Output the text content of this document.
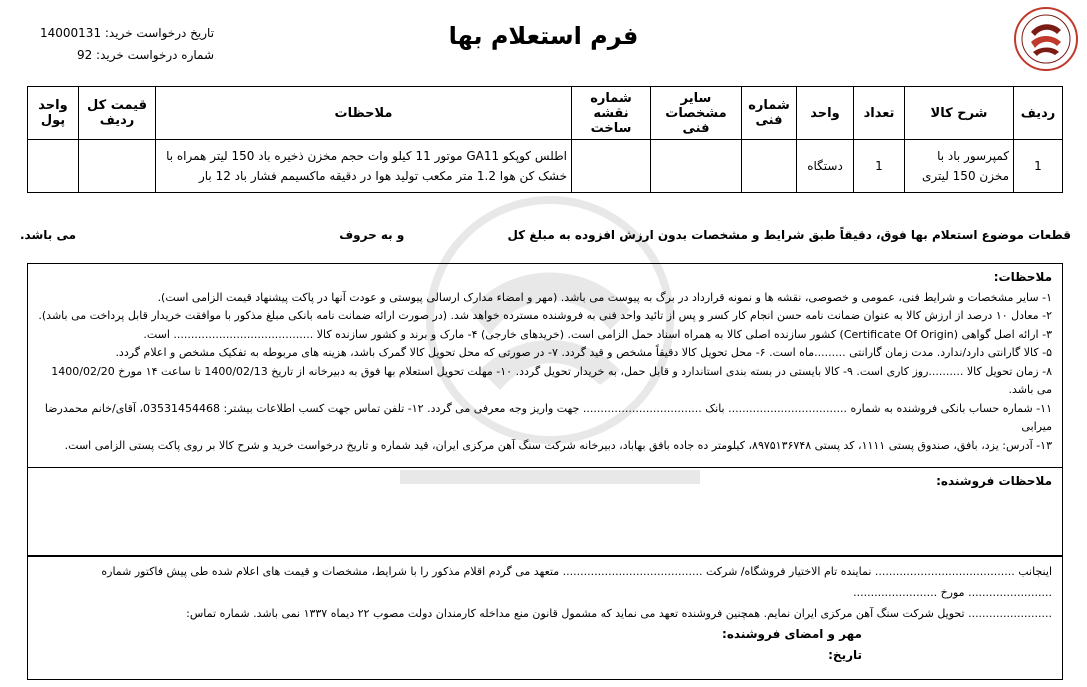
فرم استعلام بها
تاریخ درخواست خرید: 14000131
شماره درخواست خرید: 92
ردیف	شرح کالا	تعداد	واحد	شماره فنی	سایر مشخصات فنی	شماره نقشه ساخت	ملاحظات	قیمت کل ردیف	واحد پول
1	کمپرسور باد با مخزن 150 لیتری	1	دستگاه				اطلس کوپکو GA11 موتور 11 کیلو وات حجم مخزن ذخیره باد 150 لیتر همراه با خشک کن هوا 1.2 متر مکعب تولید هوا در دقیقه ماکسیمم فشار باد 12 بار		
قطعات موضوع استعلام بها فوق، دقیقاً طبق شرایط و مشخصات بدون ارزش افزوده به مبلغ کل
و به حروف
می باشد.
ملاحظات:
۱- سایر مشخصات و شرایط فنی، عمومی و خصوصی، نقشه ها و نمونه قرارداد در برگ به پیوست می باشد. (مهر و امضاء مدارک ارسالی پیوستی و عودت آنها در پاکت پیشنهاد قیمت الزامی است).
۲- معادل ۱۰ درصد از ارزش کالا به عنوان ضمانت نامه حسن انجام کار کسر و پس از تائید واحد فنی به فروشنده مسترده خواهد شد. (در صورت ارائه ضمانت نامه بانکی مبلغ مذکور با موافقت خریدار قابل پرداخت می باشد).
۳- ارائه اصل گواهی (Certificate Of Origin) کشور سازنده اصلی کالا به همراه اسناد حمل الزامی است. (خریدهای خارجی) ۴- مارک و برند و کشور سازنده کالا ........................................ است.
۵- کالا گارانتی دارد/ندارد. مدت زمان گارانتی .........ماه است. ۶- محل تحویل کالا دقیقاً مشخص و قید گردد. ۷- در صورتی که محل تحویل کالا گمرک باشد، هزینه های مربوطه به تفکیک مشخص و اعلام گردد.
۸- زمان تحویل کالا ..........روز کاری است. ۹- کالا بایستی در بسته بندی استاندارد و قابل حمل، به خریدار تحویل گردد. ۱۰- مهلت تحویل استعلام بها فوق به دبیرخانه از تاریخ 1400/02/13 تا ساعت ۱۴ مورخ 1400/02/20 می باشد.
۱۱- شماره حساب بانکی فروشنده به شماره .................................. بانک .................................. جهت واریز وجه معرفی می گردد. ۱۲- تلفن تماس جهت کسب اطلاعات بیشتر: 03531454468، آقای/خانم محمدرضا میرابی
۱۳- آدرس: یزد، بافق، صندوق پستی ۱۱۱۱، کد پستی ۸۹۷۵۱۳۶۷۴۸، کیلومتر ده جاده بافق بهاباد، دبیرخانه شرکت سنگ آهن مرکزی ایران، قید شماره و تاریخ درخواست خرید و شرح کالا بر روی پاکت پستی الزامی است.
ملاحظات فروشنده:
اینجانب ........................................ نماینده تام الاختیار فروشگاه/ شرکت ........................................ متعهد می گردم اقلام مذکور را با شرایط، مشخصات و قیمت های اعلام شده طی پیش فاکتور شماره ........................ مورخ ........................
........................ تحویل شرکت سنگ آهن مرکزی ایران نمایم. همچنین فروشنده تعهد می نماید که مشمول قانون منع مداخله کارمندان دولت مصوب ۲۲ دیماه ۱۳۳۷ نمی باشد. شماره تماس:
مهر و امضای فروشنده:
تاریخ:
